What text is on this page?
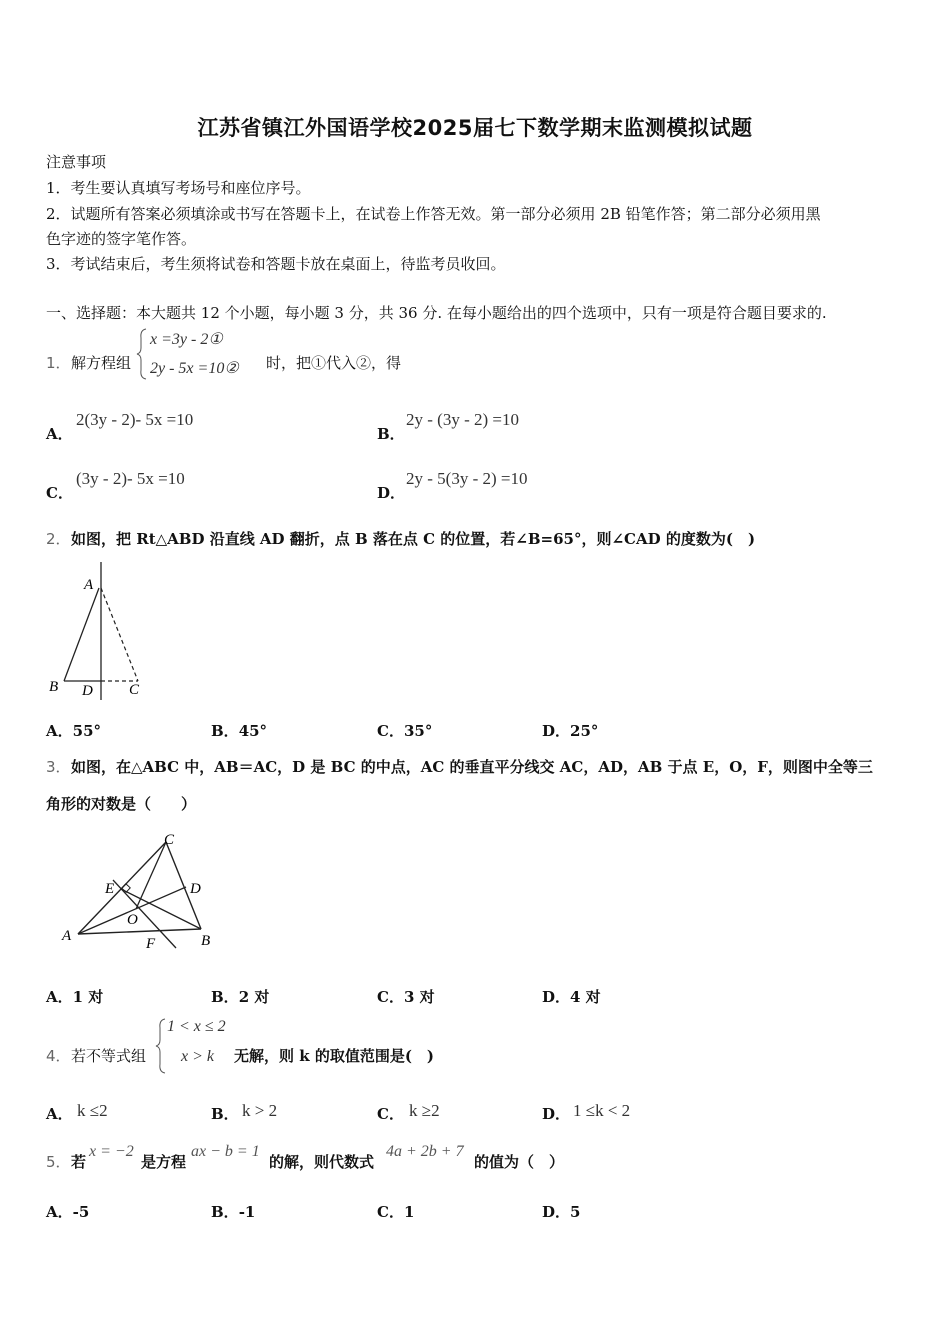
江苏省镇江外国语学校2025届七下数学期末监测模拟试题
注意事项
1．考生要认真填写考场号和座位序号。
2．试题所有答案必须填涂或书写在答题卡上，在试卷上作答无效。第一部分必须用 2B 铅笔作答；第二部分必须用黑
色字迹的签字笔作答。
3．考试结束后，考生须将试卷和答题卡放在桌面上，待监考员收回。
一、选择题：本大题共 12 个小题，每小题 3 分，共 36 分. 在每小题给出的四个选项中，只有一项是符合题目要求的.
1． 解方程组
x =3y - 2①
2y - 5x =10② 时，把①代入②，得
A．
2(3y - 2)- 5x =10
B．
2y - (3y - 2) =10
C．
(3y - 2)- 5x =10
D．
2y - 5(3y - 2) =10
2． 如图，把 Rt△ABD 沿直线 AD 翻折，点 B 落在点 C 的位置，若∠B=65°，则∠CAD 的度数为(　)
A
B D C
A．55°	B．45°	C．35°	D．25°
3． 如图，在△ABC 中，AB＝AC，D 是 BC 的中点，AC 的垂直平分线交 AC，AD，AB 于点 E，O，F，则图中全等三
角形的对数是（　　）
C
E	D
O
A	F	B
A．1 对	B．2 对	C．3 对	D．4 对
4． 若不等式组
1 < x ≤ 2
x > k 无解，则 k 的取值范围是(　)
A． k ≤2	B． k > 2	C． k ≥2	D． 1 ≤k < 2
5． 若
x = −2
是方程
ax − b = 1
的解，则代数式
4a + 2b + 7
的值为（　）
A．-5	B．-1	C．1	D．5
